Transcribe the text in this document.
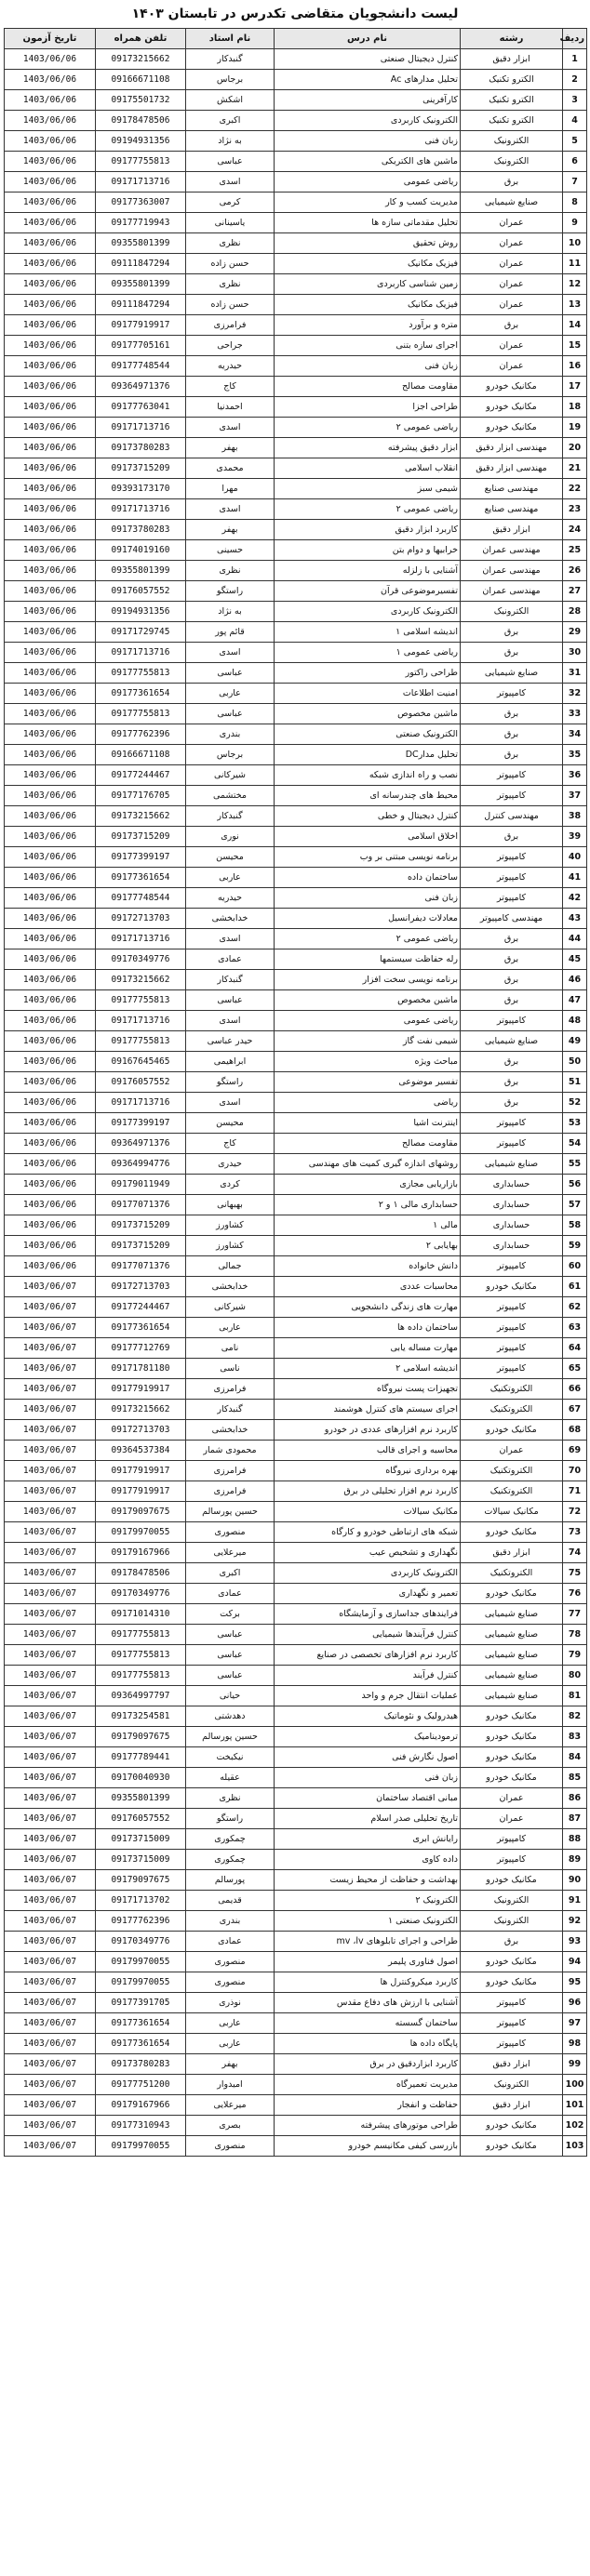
لیست دانشجویان متقاضی تکدرس در تابستان ۱۴۰۳
ردیف	رشته	نام درس	نام استاد	تلفن همراه	تاریخ آزمون
1	ابزار دقیق	کنترل دیجیتال صنعتی	گنبدکار	09173215662	1403/06/06
2	الکترو تکنیک	تحلیل مدارهای Ac	برجاس	09166671108	1403/06/06
3	الکترو تکنیک	کارآفرینی	اشکش	09175501732	1403/06/06
4	الکترو تکنیک	الکترونیک کاربردی	اکبری	09178478506	1403/06/06
5	الکترونیک	زبان فنی	به نژاد	09194931356	1403/06/06
6	الکترونیک	ماشین های الکتریکی	عباسی	09177755813	1403/06/06
7	برق	ریاضی عمومی	اسدی	09171713716	1403/06/06
8	صنایع شیمیایی	مدیریت کسب و کار	کرمی	09177363007	1403/06/06
9	عمران	تحلیل مقدماتی سازه ها	یاسینانی	09177719943	1403/06/06
10	عمران	روش تحقیق	نظری	09355801399	1403/06/06
11	عمران	فیزیک مکانیک	حسن زاده	09111847294	1403/06/06
12	عمران	زمین شناسی کاربردی	نظری	09355801399	1403/06/06
13	عمران	فیزیک مکانیک	حسن زاده	09111847294	1403/06/06
14	برق	متره و برآورد	فرامرزی	09177919917	1403/06/06
15	عمران	اجرای سازه بتنی	جراحی	09177705161	1403/06/06
16	عمران	زبان فنی	حیدریه	09177748544	1403/06/06
17	مکانیک خودرو	مقاومت مصالح	کاج	09364971376	1403/06/06
18	مکانیک خودرو	طراحی اجزا	احمدنیا	09177763041	1403/06/06
19	مکانیک خودرو	ریاضی عمومی ۲	اسدی	09171713716	1403/06/06
20	مهندسی ابزار دقیق	ابزار دقیق پیشرفته	بهفر	09173780283	1403/06/06
21	مهندسی ابزار دقیق	انقلاب اسلامی	محمدی	09173715209	1403/06/06
22	مهندسی صنایع	شیمی سبز	مهرا	09393173170	1403/06/06
23	مهندسی صنایع	ریاضی عمومی ۲	اسدی	09171713716	1403/06/06
24	ابزار دقیق	کاربرد ابزار دقیق	بهفر	09173780283	1403/06/06
25	مهندسی عمران	خرابیها و دوام بتن	حسینی	09174019160	1403/06/06
26	مهندسی عمران	آشنایی با زلزله	نظری	09355801399	1403/06/06
27	مهندسی عمران	تفسیرموضوعی قرآن	راستگو	09176057552	1403/06/06
28	الکترونیک	الکترونیک کاربردی	به نژاد	09194931356	1403/06/06
29	برق	اندیشه اسلامی ۱	قائم پور	09171729745	1403/06/06
30	برق	ریاضی عمومی ۱	اسدی	09171713716	1403/06/06
31	صنایع شیمیایی	طراحی راکتور	عباسی	09177755813	1403/06/06
32	کامپیوتر	امنیت اطلاعات	عاربی	09177361654	1403/06/06
33	برق	ماشین مخصوص	عباسی	09177755813	1403/06/06
34	برق	الکترونیک صنعتی	بندری	09177762396	1403/06/06
35	برق	تحلیل مدارDC	برجاس	09166671108	1403/06/06
36	کامپیوتر	نصب و راه اندازی شبکه	شیرکانی	09177244467	1403/06/06
37	کامپیوتر	محیط های چندرسانه ای	مختشمی	09177176705	1403/06/06
38	مهندسی کنترل	کنترل دیجیتال و خطی	گنبدکار	09173215662	1403/06/06
39	برق	اخلاق اسلامی	نوری	09173715209	1403/06/06
40	کامپیوتر	برنامه نویسی مبتنی بر وب	محیسن	09177399197	1403/06/06
41	کامپیوتر	ساختمان داده	عاربی	09177361654	1403/06/06
42	کامپیوتر	زبان فنی	حیدریه	09177748544	1403/06/06
43	مهندسی کامپیوتر	معادلات دیفرانسیل	خدابخشی	09172713703	1403/06/06
44	برق	ریاضی عمومی ۲	اسدی	09171713716	1403/06/06
45	برق	رله حفاظت سیستمها	عمادی	09170349776	1403/06/06
46	برق	برنامه نویسی سخت افزار	گنبدکار	09173215662	1403/06/06
47	برق	ماشین مخصوص	عباسی	09177755813	1403/06/06
48	کامپیوتر	ریاضی عمومی	اسدی	09171713716	1403/06/06
49	صنایع شیمیایی	شیمی نفت گاز	حیدر عباسی	09177755813	1403/06/06
50	برق	مباحث ویژه	ابراهیمی	09167645465	1403/06/06
51	برق	تفسیر موضوعی	راستگو	09176057552	1403/06/06
52	برق	ریاضی	اسدی	09171713716	1403/06/06
53	کامپیوتر	اینترنت اشیا	محیسن	09177399197	1403/06/06
54	کامپیوتر	مقاومت مصالح	کاج	09364971376	1403/06/06
55	صنایع شیمیایی	روشهای اندازه گیری کمیت های مهندسی	حیدری	09364994776	1403/06/06
56	حسابداری	بازاریابی مجازی	کردی	09179011949	1403/06/06
57	حسابداری	حسابداری مالی ۱ و ۲	بهبهانی	09177071376	1403/06/06
58	حسابداری	مالی ۱	کشاورز	09173715209	1403/06/06
59	حسابداری	بهایابی ۲	کشاورز	09173715209	1403/06/06
60	کامپیوتر	دانش خانواده	جمالی	09177071376	1403/06/06
61	مکانیک خودرو	محاسبات عددی	خدابخشی	09172713703	1403/06/07
62	کامپیوتر	مهارت های زندگی دانشجویی	شیرکانی	09177244467	1403/06/07
63	کامپیوتر	ساختمان داده ها	عاربی	09177361654	1403/06/07
64	کامپیوتر	مهارت مساله یابی	نامی	09177712769	1403/06/07
65	کامپیوتر	اندیشه اسلامی ۲	ناسی	09171781180	1403/06/07
66	الکتروتکنیک	تجهیزات پست نیروگاه	فرامرزی	09177919917	1403/06/07
67	الکتروتکنیک	اجرای سیستم های کنترل هوشمند	گنبدکار	09173215662	1403/06/07
68	مکانیک خودرو	کاربرد نرم افزارهای عددی در خودرو	خدابخشی	09172713703	1403/06/07
69	عمران	محاسبه و اجرای قالب	محمودی شمار	09364537384	1403/06/07
70	الکتروتکنیک	بهره برداری نیروگاه	فرامرزی	09177919917	1403/06/07
71	الکتروتکنیک	کاربرد نرم افزار تحلیلی در برق	فرامرزی	09177919917	1403/06/07
72	مکانیک سیالات	مکانیک سیالات	حسین پورسالم	09179097675	1403/06/07
73	مکانیک خودرو	شبکه های ارتباطی خودرو و کارگاه	منصوری	09179970055	1403/06/07
74	ابزار دقیق	نگهداری و تشخیص عیب	میرعلایی	09179167966	1403/06/07
75	الکتروتکنیک	الکترونیک کاربردی	اکبری	09178478506	1403/06/07
76	مکانیک خودرو	تعمیر و نگهداری	عمادی	09170349776	1403/06/07
77	صنایع شیمیایی	فرایندهای جداسازی و آزمایشگاه	برکت	09171014310	1403/06/07
78	صنایع شیمیایی	کنترل فرآیندها شیمیایی	عباسی	09177755813	1403/06/07
79	صنایع شیمیایی	کاربرد نرم افزارهای تخصصی در صنایع	عباسی	09177755813	1403/06/07
80	صنایع شیمیایی	کنترل فرآیند	عباسی	09177755813	1403/06/07
81	صنایع شیمیایی	عملیات انتقال جرم و واحد	حیانی	09364997797	1403/06/07
82	مکانیک خودرو	هیدرولیک و نئوماتیک	دهدشتی	09173254581	1403/06/07
83	مکانیک خودرو	ترمودینامیک	حسین پورسالم	09179097675	1403/06/07
84	مکانیک خودرو	اصول نگارش فنی	نیکبخت	09177789441	1403/06/07
85	مکانیک خودرو	زبان فنی	عقیله	09170040930	1403/06/07
86	عمران	مبانی اقتصاد ساختمان	نظری	09355801399	1403/06/07
87	عمران	تاریخ تحلیلی صدر اسلام	راستگو	09176057552	1403/06/07
88	کامپیوتر	رایانش ابری	چمکوری	09173715009	1403/06/07
89	کامپیوتر	داده کاوی	چمکوری	09173715009	1403/06/07
90	مکانیک خودرو	بهداشت و حفاظت از محیط زیست	پورسالم	09179097675	1403/06/07
91	الکترونیک	الکترونیک ۲	قدیمی	09171713702	1403/06/07
92	الکترونیک	الکترونیک صنعتی ۱	بندری	09177762396	1403/06/07
93	برق	طراحی و اجرای تابلوهای mv ،lv	عمادی	09170349776	1403/06/07
94	مکانیک خودرو	اصول فناوری پلیمر	منصوری	09179970055	1403/06/07
95	مکانیک خودرو	کاربرد میکروکنترل ها	منصوری	09179970055	1403/06/07
96	کامپیوتر	آشنایی با ارزش های دفاع مقدس	نوذری	09177391705	1403/06/07
97	کامپیوتر	ساختمان گسسته	عاربی	09177361654	1403/06/07
98	کامپیوتر	پایگاه داده ها	عاربی	09177361654	1403/06/07
99	ابزار دقیق	کاربرد ابزاردقیق در برق	بهفر	09173780283	1403/06/07
100	الکترونیک	مدیریت تعمیرگاه	امیدوار	09177751200	1403/06/07
101	ابزار دقیق	حفاظت و انفجار	میرعلایی	09179167966	1403/06/07
102	مکانیک خودرو	طراحی موتورهای پیشرفته	بصری	09177310943	1403/06/07
103	مکانیک خودرو	بازرسی کیفی مکانیسم خودرو	منصوری	09179970055	1403/06/07
